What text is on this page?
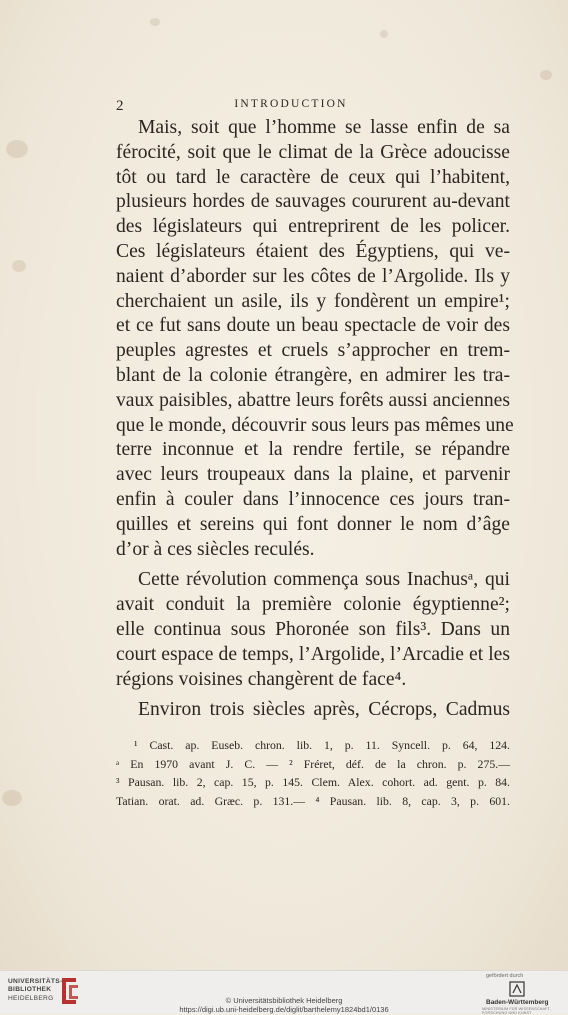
2	INTRODUCTION
Mais, soit que l’homme se lasse enfin de sa
férocité, soit que le climat de la Grèce adoucisse
tôt ou tard le caractère de ceux qui l’habitent,
plusieurs hordes de sauvages coururent au-devant
des législateurs qui entreprirent de les policer.
Ces législateurs étaient des Égyptiens, qui ve-
naient d’aborder sur les côtes de l’Argolide. Ils y
cherchaient un asile, ils y fondèrent un empire¹;
et ce fut sans doute un beau spectacle de voir des
peuples agrestes et cruels s’approcher en trem-
blant de la colonie étrangère, en admirer les tra-
vaux paisibles, abattre leurs forêts aussi anciennes
que le monde, découvrir sous leurs pas mêmes une
terre inconnue et la rendre fertile, se répandre
avec leurs troupeaux dans la plaine, et parvenir
enfin à couler dans l’innocence ces jours tran-
quilles et sereins qui font donner le nom d’âge
d’or à ces siècles reculés.
Cette révolution commença sous Inachusᵃ, qui
avait conduit la première colonie égyptienne²;
elle continua sous Phoronée son fils³. Dans un
court espace de temps, l’Argolide, l’Arcadie et les
régions voisines changèrent de face⁴.
Environ trois siècles après, Cécrops, Cadmus
¹ Cast. ap. Euseb. chron. lib. 1, p. 11. Syncell. p. 64, 124.
ᵃ En 1970 avant J. C. — ² Fréret, déf. de la chron. p. 275.—
³ Pausan. lib. 2, cap. 15, p. 145. Clem. Alex. cohort. ad. gent. p. 84.
Tatian. orat. ad. Græc. p. 131.— ⁴ Pausan. lib. 8, cap. 3, p. 601.
UNIVERSITÄTS-
BIBLIOTHEK
HEIDELBERG	© Universitätsbibliothek Heidelberg
https://digi.ub.uni-heidelberg.de/diglit/barthelemy1824bd1/0136
gefördert durch
Baden-Württemberg
MINISTERIUM FÜR WISSENSCHAFT, FORSCHUNG UND KUNST
